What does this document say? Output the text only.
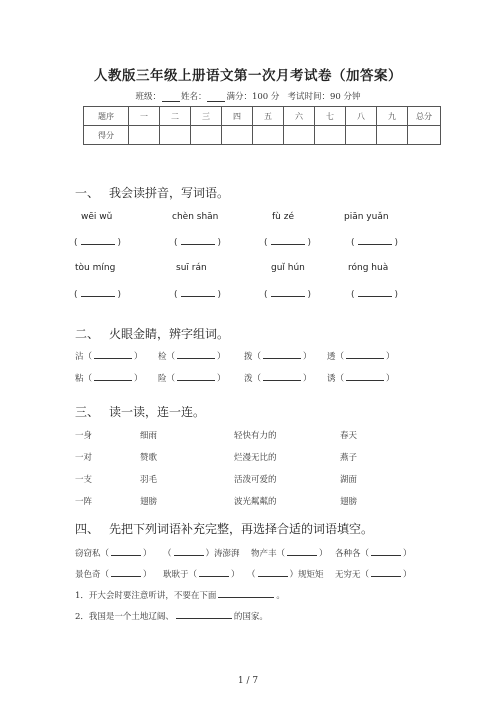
人教版三年级上册语文第一次月考试卷（加答案）
班级： 姓名： 满分：100 分 考试时间：90 分钟
题序	一	二	三	四	五	六	七	八	九	总分
得分										
一、 我会读拼音，写词语。
wēi wǔ	chèn shān	fù zé	piān yuǎn
(	)	(	)	(	)	(	)
tòu míng	suī rán	guǐ hún	róng huà
(	)	(	)	(	)	(	)
二、 火眼金睛，辨字组词。
沾（	） 检（	） 拨（	） 透（	）
粘（	） 险（	） 泼（	） 诱（	）
三、 读一读，连一连。
一身
一对
一支
一阵
细雨
赞歌
羽毛
翅膀
轻快有力的
烂漫无比的
活泼可爱的
波光粼粼的
春天
燕子
湖面
翅膀
四、 先把下列词语补充完整，再选择合适的词语填空。
窃窃私（	） （	）涛澎湃 物产丰（	） 各种各（	）
景色奇（	） 耿耿于（	） （	）规矩矩 无穷无（	）
1．开大会时要注意听讲，不要在下面	。
2．我国是一个土地辽阔、	的国家。
1 / 7
